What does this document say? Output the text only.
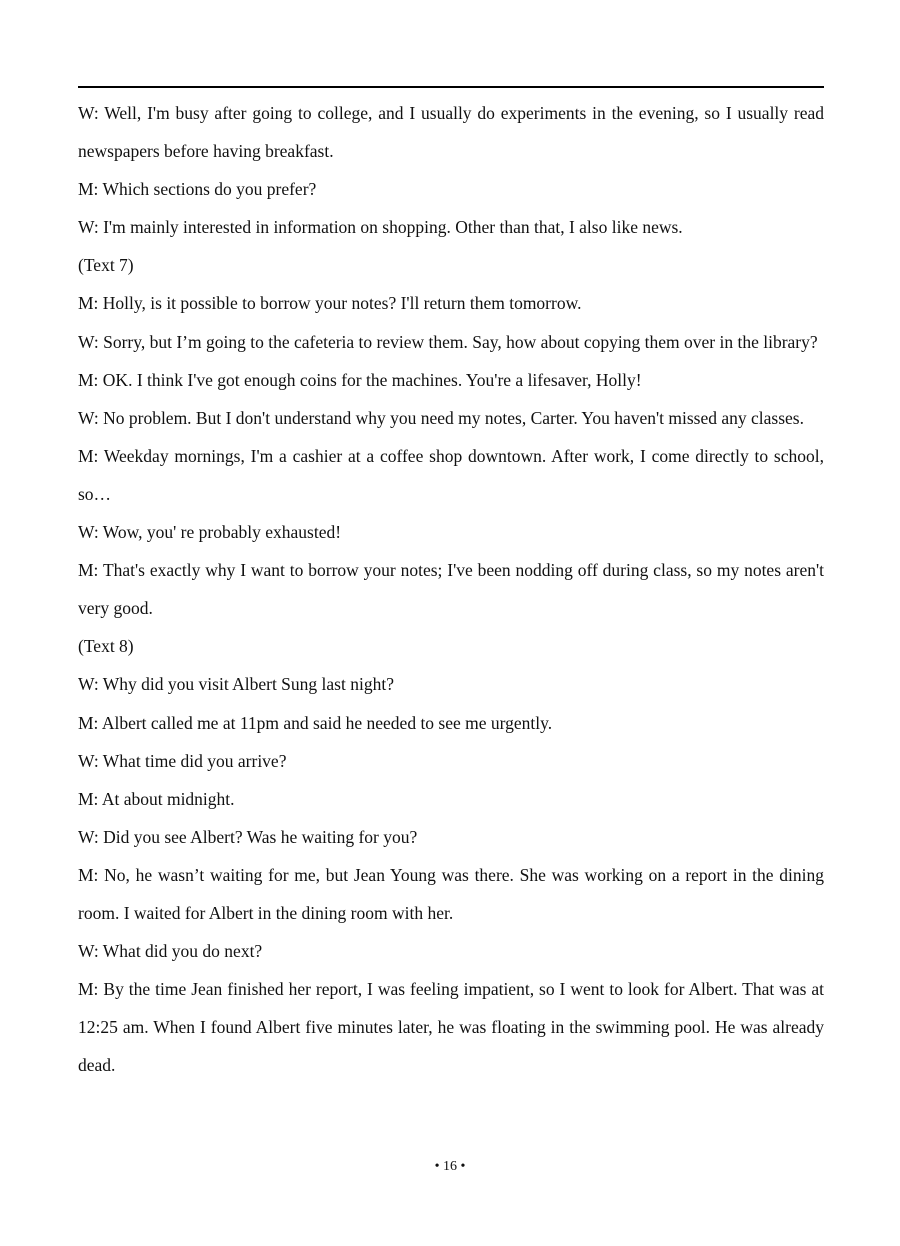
W: Well, I'm busy after going to college, and I usually do experiments in the evening, so I usually read newspapers before having breakfast.

M: Which sections do you prefer?

W: I'm mainly interested in information on shopping. Other than that, I also like news.

(Text 7)

M: Holly, is it possible to borrow your notes? I'll return them tomorrow.

W: Sorry, but I’m going to the cafeteria to review them. Say, how about copying them over in the library?

M: OK. I think I've got enough coins for the machines. You're a lifesaver, Holly!

W: No problem. But I don't understand why you need my notes, Carter. You haven't missed any classes.

M: Weekday mornings, I'm a cashier at a coffee shop downtown. After work, I come directly to school, so…

W: Wow, you' re probably exhausted!

M: That's exactly why I want to borrow your notes; I've been nodding off during class, so my notes aren't very good.

(Text 8)

W: Why did you visit Albert Sung last night?

M: Albert called me at 11pm and said he needed to see me urgently.

W: What time did you arrive?

M: At about midnight.

W: Did you see Albert? Was he waiting for you?

M: No, he wasn’t waiting for me, but Jean Young was there. She was working on a report in the dining room. I waited for Albert in the dining room with her.

W: What did you do next?

M: By the time Jean finished her report, I was feeling impatient, so I went to look for Albert. That was at 12:25 am. When I found Albert five minutes later, he was floating in the swimming pool. He was already dead.

• 16 •
